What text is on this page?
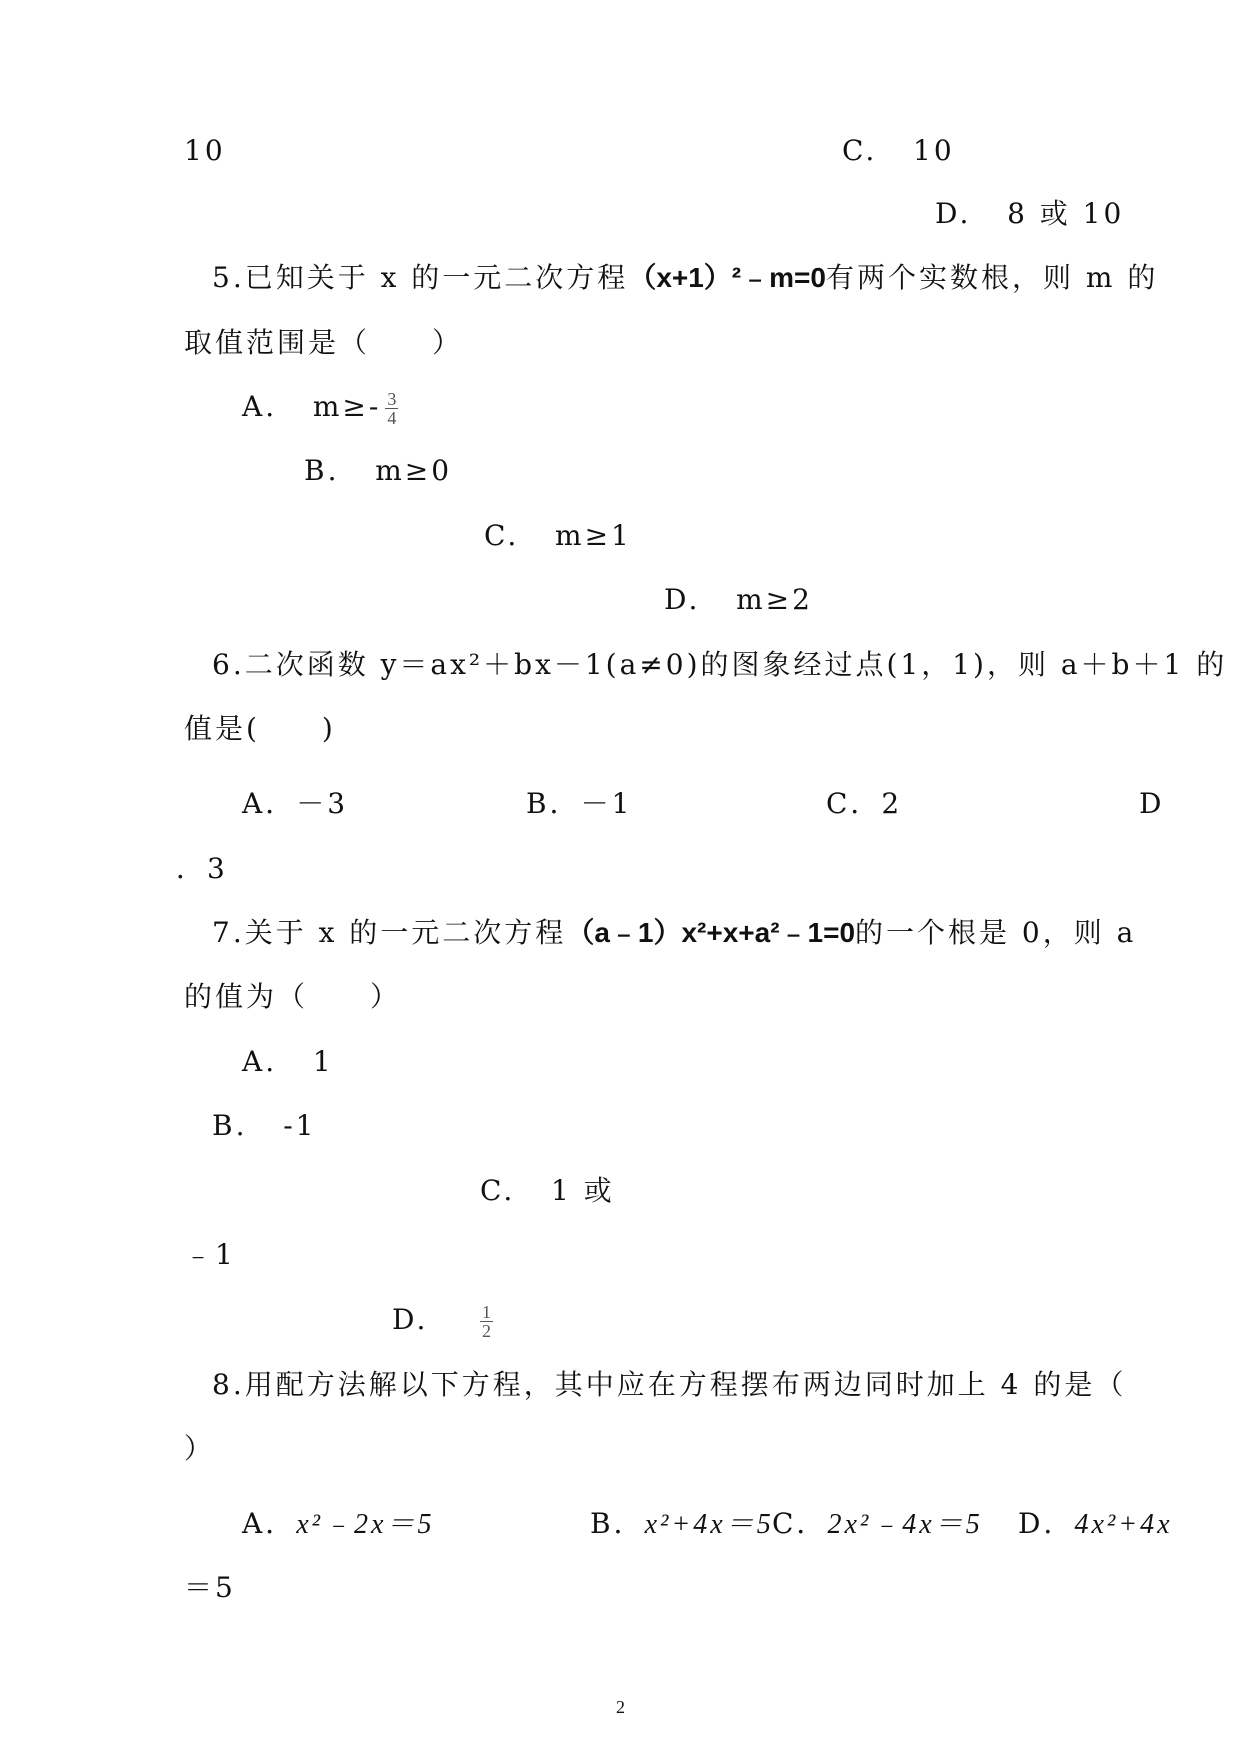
10	C. 10
D. 8 或 10
5.已知关于 x 的一元二次方程（x+1）²﹣m=0有两个实数根，则 m 的
取值范围是（　　）
A. $m\ge- \frac{3}{4}$
B. m≥0
C. m≥1
D. m≥2
6.二次函数 y＝ax²＋bx－1(a≠0)的图象经过点(1，1)，则 a＋b＋1 的
值是(　　)
A．－3	B．－1	C．2	D
．3
7.关于 x 的一元二次方程（a﹣1）x²+x+a²﹣1=0的一个根是 0，则 a
的值为（　　）
A. 1
B. -1
C. 1 或
﹣1
D.	$\frac{1}{2}$
8.用配方法解以下方程，其中应在方程摆布两边同时加上 4 的是（
）
A．x²﹣2x＝5	B．x²+4x＝5
C．2x²﹣4x＝5 D．4x²+4x
＝5
2
